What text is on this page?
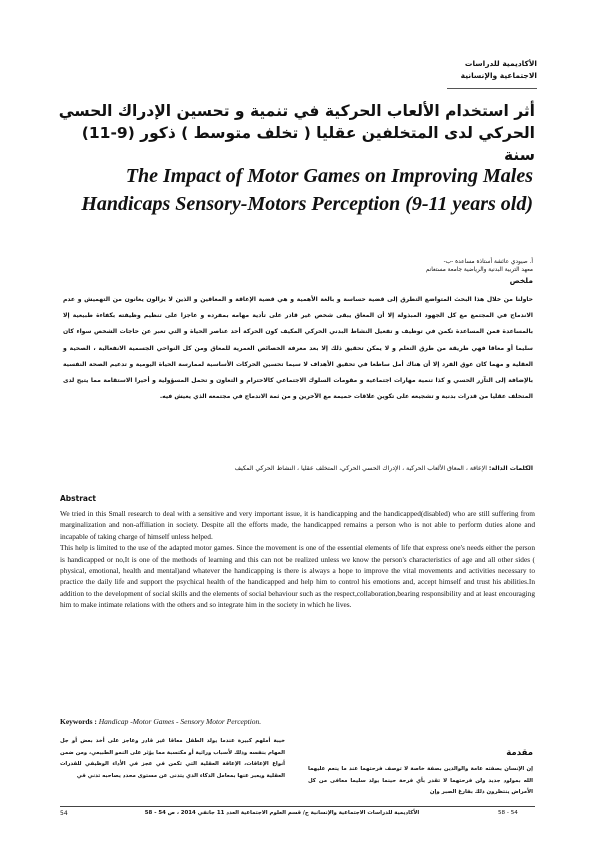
الأكاديمية للدراسات
الاجتماعية والإنسانية
أثر استخدام الألعاب الحركية في تنمية و تحسين الإدراك الحسي الحركي لدى المتخلفين عقليا ( تخلف متوسط ) ذكور (9-11) سنة
The Impact of Motor Games on Improving Males Handicaps Sensory-Motors Perception (9-11 years old)
أ. صيودي عائشة أستاذة مساعدة -ب-
معهد التربية البدنية والرياضية جامعة مستغانم
ملخص
حاولنا من خلال هذا البحث المتواضع التطرق إلى قضية حساسة و بالغة الأهمية و هي قضية الإعاقة و المعاقين و الذين لا يزالون يعانون من التهميش و عدم الاندماج في المجتمع مع كل الجهود المبذولة إلا أن المعاق يبقى شخص غير قادر على تأدية مهامه بمفرده و عاجزا على تنظيم وظيفته بكفاءة طبيعية إلا بالمساعدة فمن المساعدة تكمن في توظيف و تفعيل النشاط البدني الحركي المكيف كون الحركة أحد عناصر الحياة و التي تعبر عن حاجات الشخص سواء كان سليما أو معاقا فهي طريقة من طرق التعلم و لا يمكن تحقيق ذلك إلا بعد معرفة الخصائص العمرية للمعاق ومن كل النواحي الجسمية الانفعالية ، الصحية و العقلية و مهما كان عوق الفرد إلا أن هناك أمل ساطعا في تحقيق الأهداف لا سيما تحسين الحركات الأساسية لممارسة الحياة اليومية و تدعيم الصحة النفسية بالإضافة إلى التآزر الحسي و كذا تنمية مهارات اجتماعية و مقومات السلوك الاجتماعي كالاحترام و التعاون و تحمل المسؤولية و أخيرا الاستقامة مما يتيح لدى المتخلف عقليا من قدرات بدنية و تشجيعه على تكوين علاقات حميمة مع الآخرين و من ثمة الاندماج في مجتمعه الذي يعيش فيه.
الكلمات الدالة: الإعاقة ، المعاق الألعاب الحركية ، الإدراك الحسي الحركي، المتخلف عقليا ، النشاط الحركي المكيف
Abstract

We tried in this Small research to deal with a sensitive and very important issue, it is handicapping and the handicapped(disabled) who are still suffering from marginalization and non-affiliation in society. Despite all the efforts made, the handicapped remains a person who is not able to perform duties alone and incapable of taking charge of himself unless helped.

This help is limited to the use of the adapted motor games. Since the movement is one of the essential elements of life that express one's needs either the person is handicapped or no,It is one of the methods of learning and this can not be realized unless we know the person's characteristics of age and all other sides ( physical, emotional, health and mental)and whatever the handicapping is there is always a hope to improve the vital movements and activities necessary to practice the daily life and support the psychical health of the handicapped and help him to control his emotions and, accept himself and trust his abilities.In addition to the development of social skills and the elements of social behaviour such as the respect,collaboration,bearing responsibility and at least encouraging him to make intimate relations with the others and so integrate him in the society in which he lives.

Keywords : Handicap -Motor Games - Sensory Motor Perception.
مقدمة
إن الإنسان بصفته عامة والوالدين بصفة خاصة لا توصف فرحتهما عند ما ينعم عليهما الله بمولود جديد ولن فرحتهما لا تقدر بأي فرحة حينما يولد سليما معافى من كل الأمراض ينتظرون ذلك بفارغ الصبر وإن
خيبة أملهم كبيرة عندما يولد الطفل معاقا غير قادر وعاجز على أخذ بعض أو جل المهام بنفسه وذلك لأسباب وراثية أو مكتسبة مما يؤثر على النمو الطبيعي، ومن ضمن أنواع الإعاقات، الإعاقة العقلية التي تكمن في عجز في الأداء الوظيفي للقدرات العقلية ويعبر عنها بمعامل الذكاء الذي يتدنى عن مستوى محدد يصاحبه تدني في
54	الأكاديمية للدراسات الاجتماعية والإنسانية ج/ قسم العلوم الاجتماعية العدد 11 جانفي 2014 ، ص 54 - 58	58 - 54
